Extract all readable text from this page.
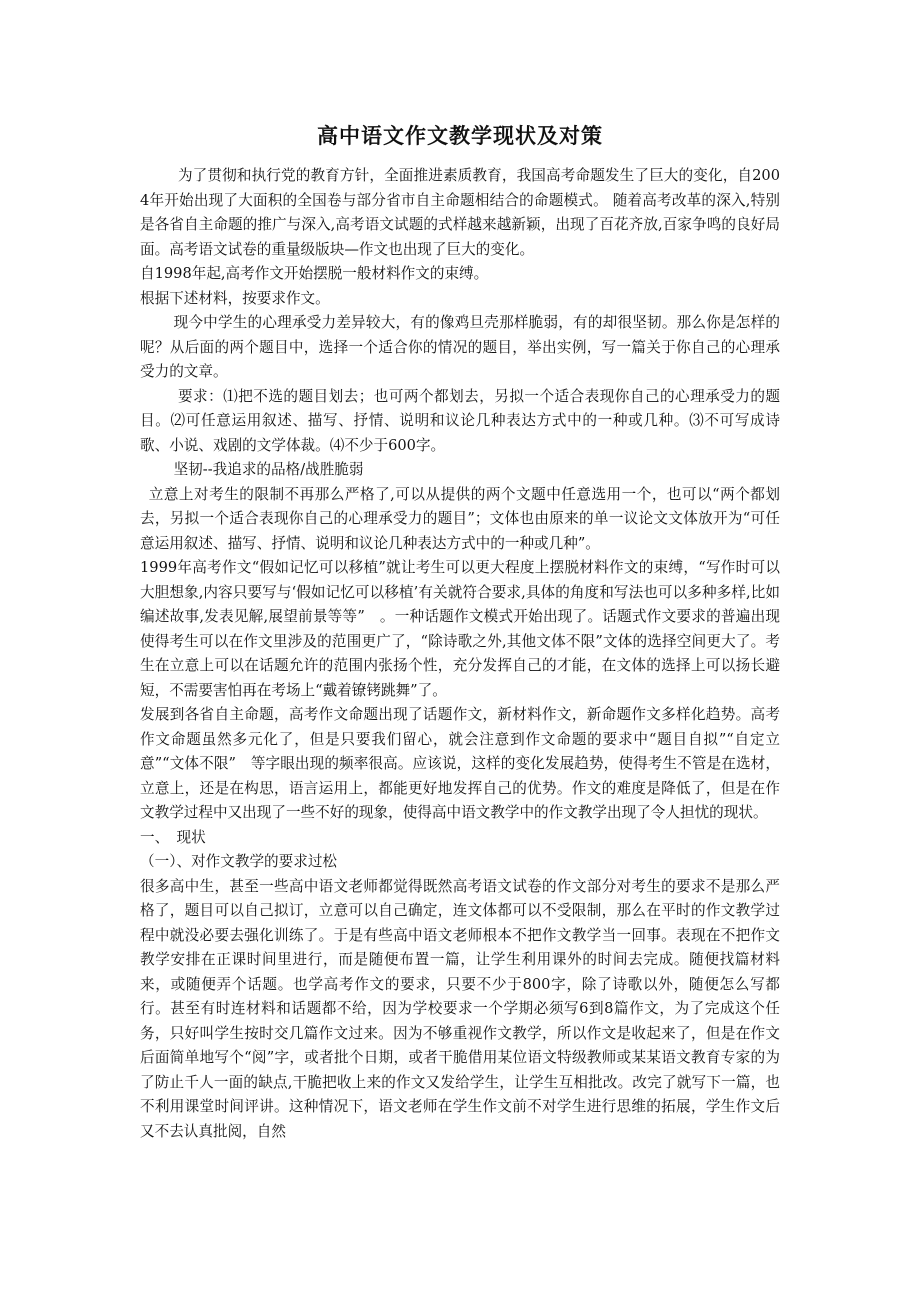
高中语文作文教学现状及对策

为了贯彻和执行党的教育方针，全面推进素质教育，我国高考命题发生了巨大的变化，自2004年开始出现了大面积的全国卷与部分省市自主命题相结合的命题模式。 随着高考改革的深入,特别是各省自主命题的推广与深入,高考语文试题的式样越来越新颖，出现了百花齐放,百家争鸣的良好局面。高考语文试卷的重量级版块—作文也出现了巨大的变化。

自1998年起,高考作文开始摆脱一般材料作文的束缚。

根据下述材料，按要求作文。

现今中学生的心理承受力差异较大，有的像鸡旦壳那样脆弱，有的却很坚韧。那么你是怎样的呢？从后面的两个题目中，选择一个适合你的情况的题目，举出实例，写一篇关于你自己的心理承受力的文章。

要求：⑴把不选的题目划去；也可两个都划去，另拟一个适合表现你自己的心理承受力的题目。⑵可任意运用叙述、描写、抒情、说明和议论几种表达方式中的一种或几种。⑶不可写成诗歌、小说、戏剧的文学体裁。⑷不少于600字。

坚韧--我追求的品格/战胜脆弱

立意上对考生的限制不再那么严格了,可以从提供的两个文题中任意选用一个，也可以“两个都划去，另拟一个适合表现你自己的心理承受力的题目”；文体也由原来的单一议论文文体放开为“可任意运用叙述、描写、抒情、说明和议论几种表达方式中的一种或几种”。

1999年高考作文“假如记忆可以移植”就让考生可以更大程度上摆脱材料作文的束缚，“写作时可以大胆想象,内容只要写与‘假如记忆可以移植’有关就符合要求,具体的角度和写法也可以多种多样,比如编述故事,发表见解,展望前景等等”　。一种话题作文模式开始出现了。话题式作文要求的普遍出现使得考生可以在作文里涉及的范围更广了，“除诗歌之外,其他文体不限”文体的选择空间更大了。考生在立意上可以在话题允许的范围内张扬个性，充分发挥自己的才能，在文体的选择上可以扬长避短，不需要害怕再在考场上“戴着镣铐跳舞”了。

发展到各省自主命题，高考作文命题出现了话题作文，新材料作文，新命题作文多样化趋势。高考作文命题虽然多元化了，但是只要我们留心，就会注意到作文命题的要求中“题目自拟”“自定立意”“文体不限”　等字眼出现的频率很高。应该说，这样的变化发展趋势，使得考生不管是在选材，立意上，还是在构思，语言运用上，都能更好地发挥自己的优势。作文的难度是降低了，但是在作文教学过程中又出现了一些不好的现象，使得高中语文教学中的作文教学出现了令人担忧的现状。

一、　现状

（一）、对作文教学的要求过松

很多高中生，甚至一些高中语文老师都觉得既然高考语文试卷的作文部分对考生的要求不是那么严格了，题目可以自己拟订，立意可以自己确定，连文体都可以不受限制，那么在平时的作文教学过程中就没必要去强化训练了。于是有些高中语文老师根本不把作文教学当一回事。表现在不把作文教学安排在正课时间里进行，而是随便布置一篇，让学生利用课外的时间去完成。随便找篇材料来，或随便弄个话题。也学高考作文的要求，只要不少于800字，除了诗歌以外，随便怎么写都行。甚至有时连材料和话题都不给，因为学校要求一个学期必须写6到8篇作文，为了完成这个任务，只好叫学生按时交几篇作文过来。因为不够重视作文教学，所以作文是收起来了，但是在作文后面简单地写个“阅”字，或者批个日期，或者干脆借用某位语文特级教师或某某语文教育专家的为了防止千人一面的缺点,干脆把收上来的作文又发给学生，让学生互相批改。改完了就写下一篇，也不利用课堂时间评讲。这种情况下，语文老师在学生作文前不对学生进行思维的拓展，学生作文后又不去认真批阅，自然
